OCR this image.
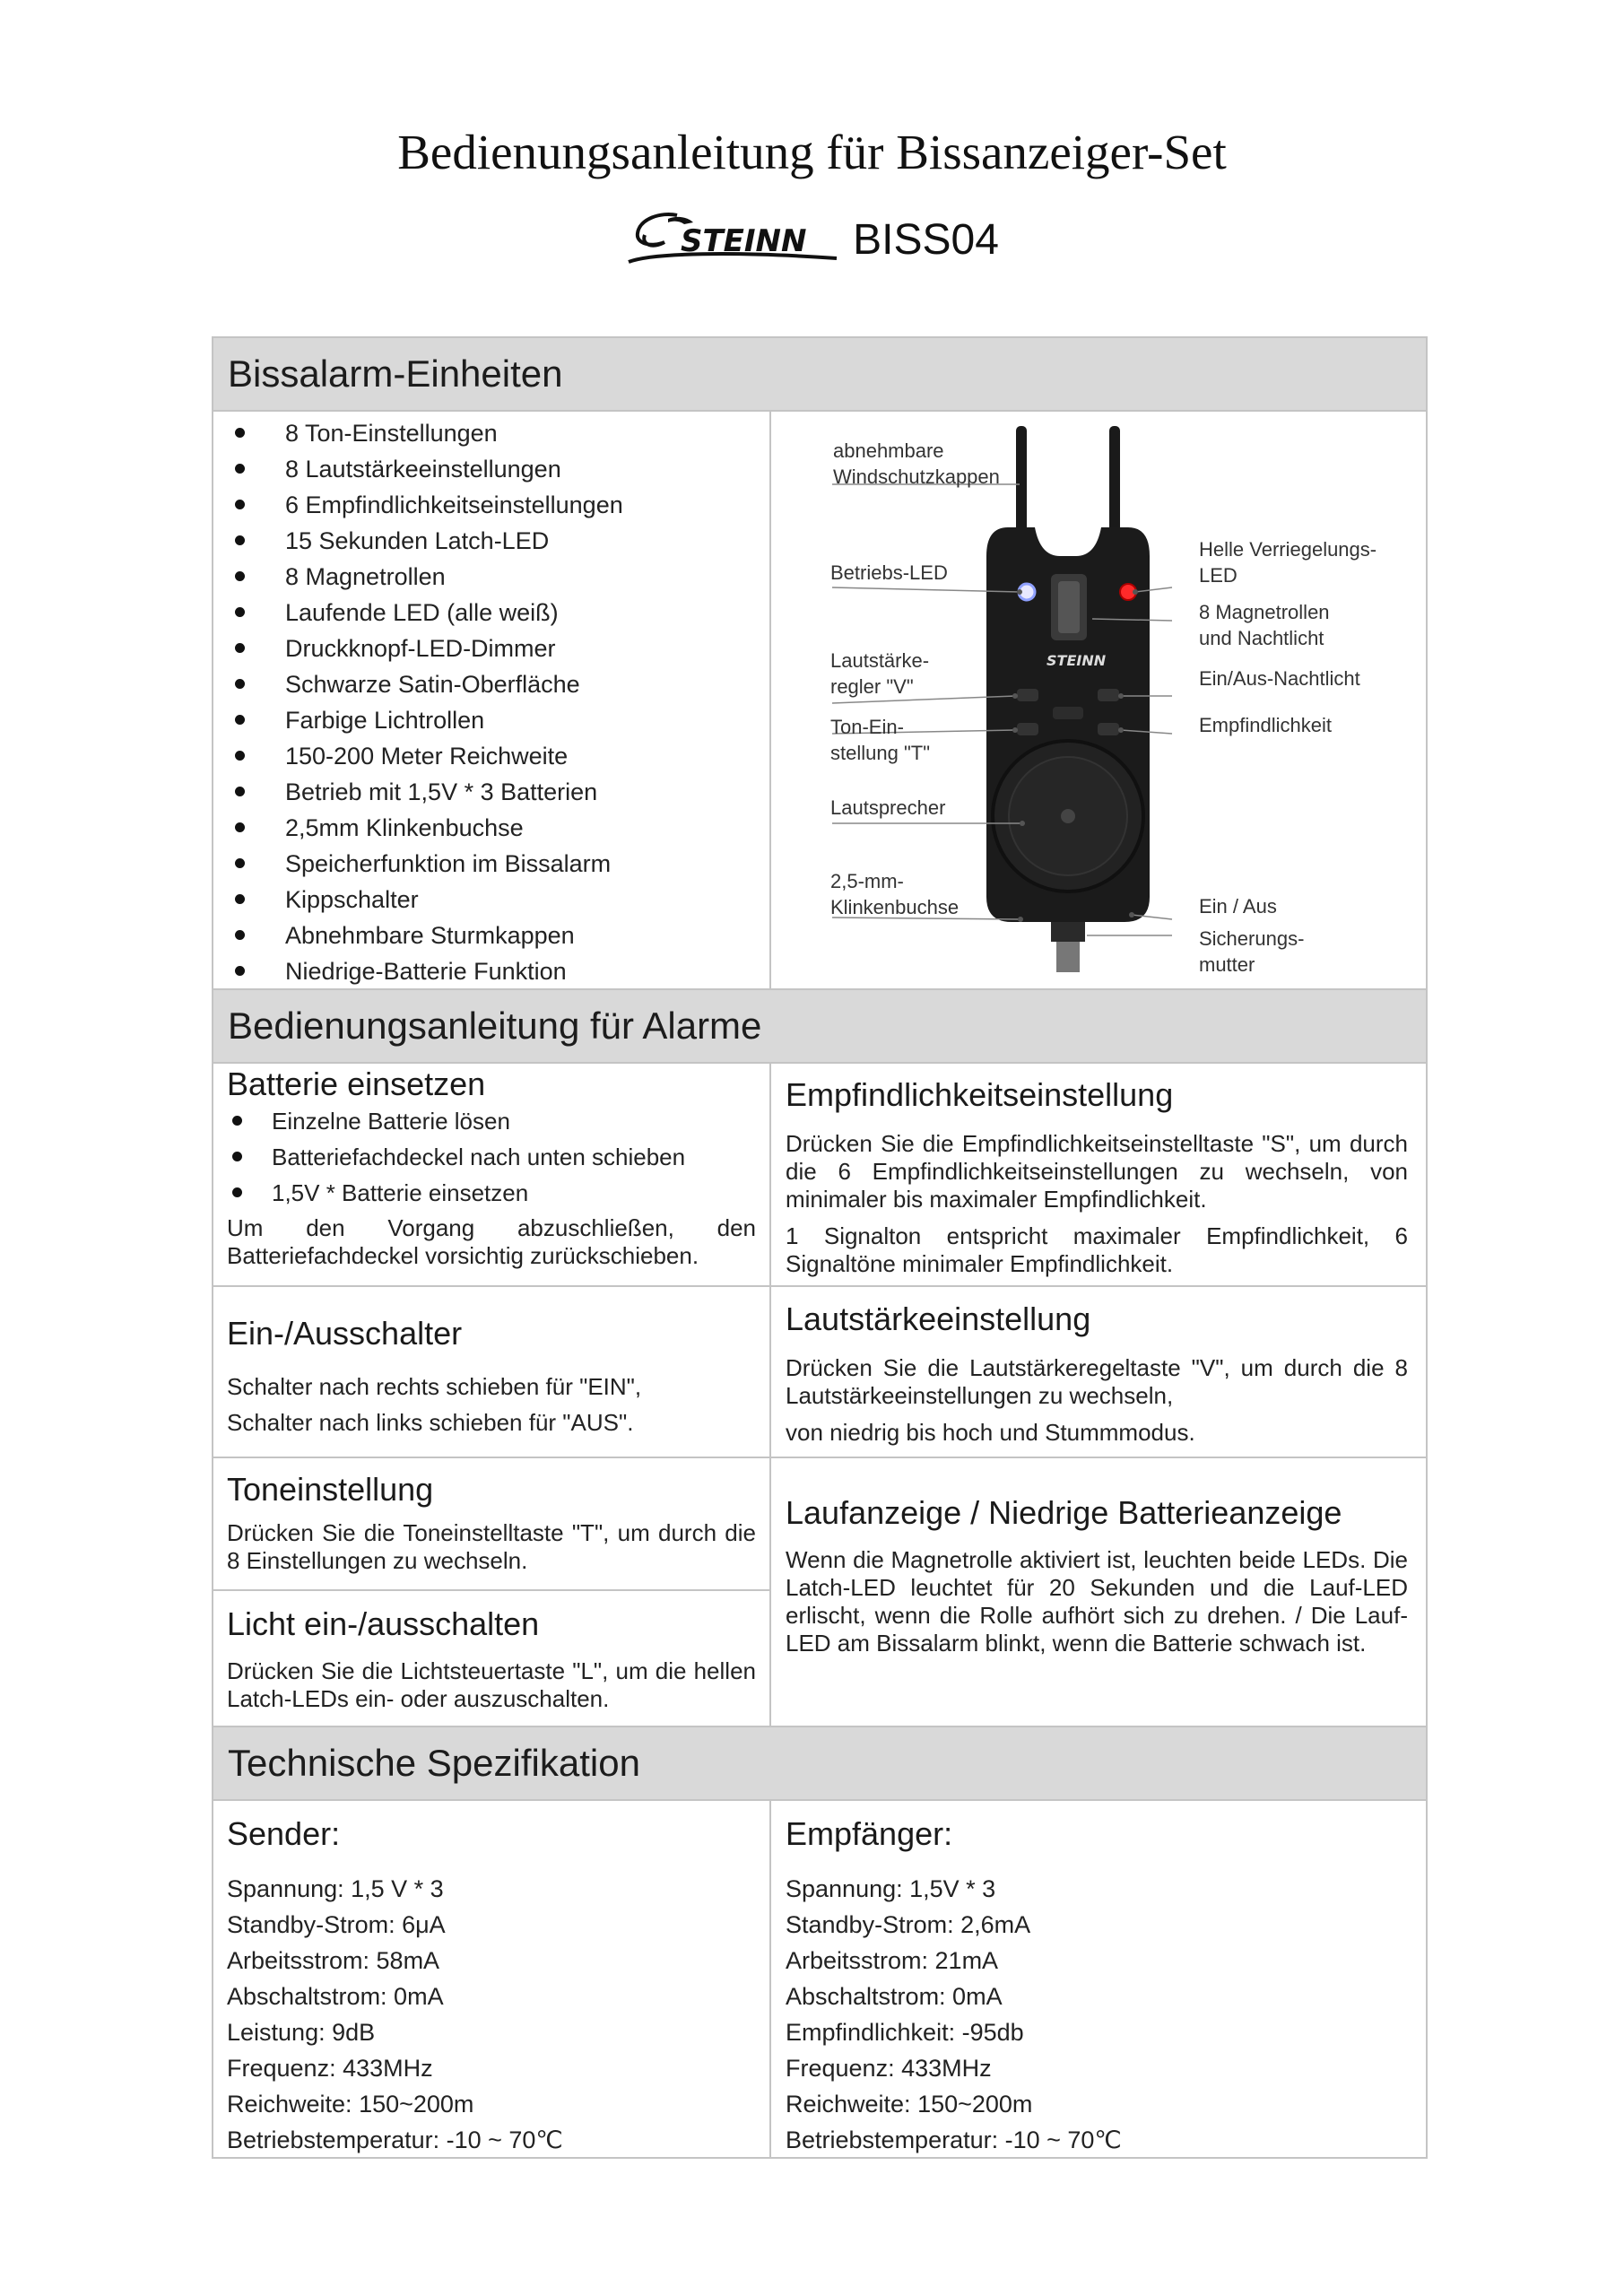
Bedienungsanleitung für Bissanzeiger-Set
STEINN BISS04
Bissalarm-Einheiten
8 Ton-Einstellungen
8 Lautstärkeeinstellungen
6 Empfindlichkeitseinstellungen
15 Sekunden Latch-LED
8 Magnetrollen
Laufende LED (alle weiß)
Druckknopf-LED-Dimmer
Schwarze Satin-Oberfläche
Farbige Lichtrollen
150-200 Meter Reichweite
Betrieb mit 1,5V * 3 Batterien
2,5mm Klinkenbuchse
Speicherfunktion im Bissalarm
Kippschalter
Abnehmbare Sturmkappen
Niedrige-Batterie Funktion
STEINN
abnehmbare
Windschutzkappen
Betriebs-LED
Helle Verriegelungs-
LED
8 Magnetrollen
und Nachtlicht
Lautstärke-
regler "V"	Ein/Aus-Nachtlicht
Ton-Ein-
stellung "T"
Empfindlichkeit
Lautsprecher
2,5-mm-
Klinkenbuchse	Ein / Aus
Sicherungs-
mutter
Bedienungsanleitung für Alarme
Batterie einsetzen
Einzelne Batterie lösen
Batteriefachdeckel nach unten schieben
1,5V * Batterie einsetzen

Um den Vorgang abzuschließen, den Batteriefachdeckel vorsichtig zurückschieben.

Empfindlichkeitseinstellung

Drücken Sie die Empfindlichkeitseinstelltaste "S", um durch die 6 Empfindlichkeitseinstellungen zu wechseln, von minimaler bis maximaler Empfindlichkeit.

1 Signalton entspricht maximaler Empfindlichkeit, 6 Signaltöne minimaler Empfindlichkeit.

Ein-/Ausschalter

Schalter nach rechts schieben für "EIN",

Schalter nach links schieben für "AUS".

Lautstärkeeinstellung

Drücken Sie die Lautstärkeregeltaste "V", um durch die 8 Lautstärkeeinstellungen zu wechseln,

von niedrig bis hoch und Stummmodus.

Toneinstellung

Drücken Sie die Toneinstelltaste "T", um durch die 8 Einstellungen zu wechseln.

Licht ein-/ausschalten

Drücken Sie die Lichtsteuertaste "L", um die hellen Latch-LEDs ein- oder auszuschalten.

Laufanzeige / Niedrige Batterieanzeige

Wenn die Magnetrolle aktiviert ist, leuchten beide LEDs. Die Latch-LED leuchtet für 20 Sekunden und die Lauf-LED erlischt, wenn die Rolle aufhört sich zu drehen. / Die Lauf-LED am Bissalarm blinkt, wenn die Batterie schwach ist.

Technische Spezifikation
Sender:
Spannung: 1,5 V * 3
Standby-Strom: 6μA
Arbeitsstrom: 58mA
Abschaltstrom: 0mA
Leistung: 9dB
Frequenz: 433MHz
Reichweite: 150~200m
Betriebstemperatur: -10 ~ 70℃
Empfänger:
Spannung: 1,5V * 3
Standby-Strom: 2,6mA
Arbeitsstrom: 21mA
Abschaltstrom: 0mA
Empfindlichkeit: -95db
Frequenz: 433MHz
Reichweite: 150~200m
Betriebstemperatur: -10 ~ 70℃
